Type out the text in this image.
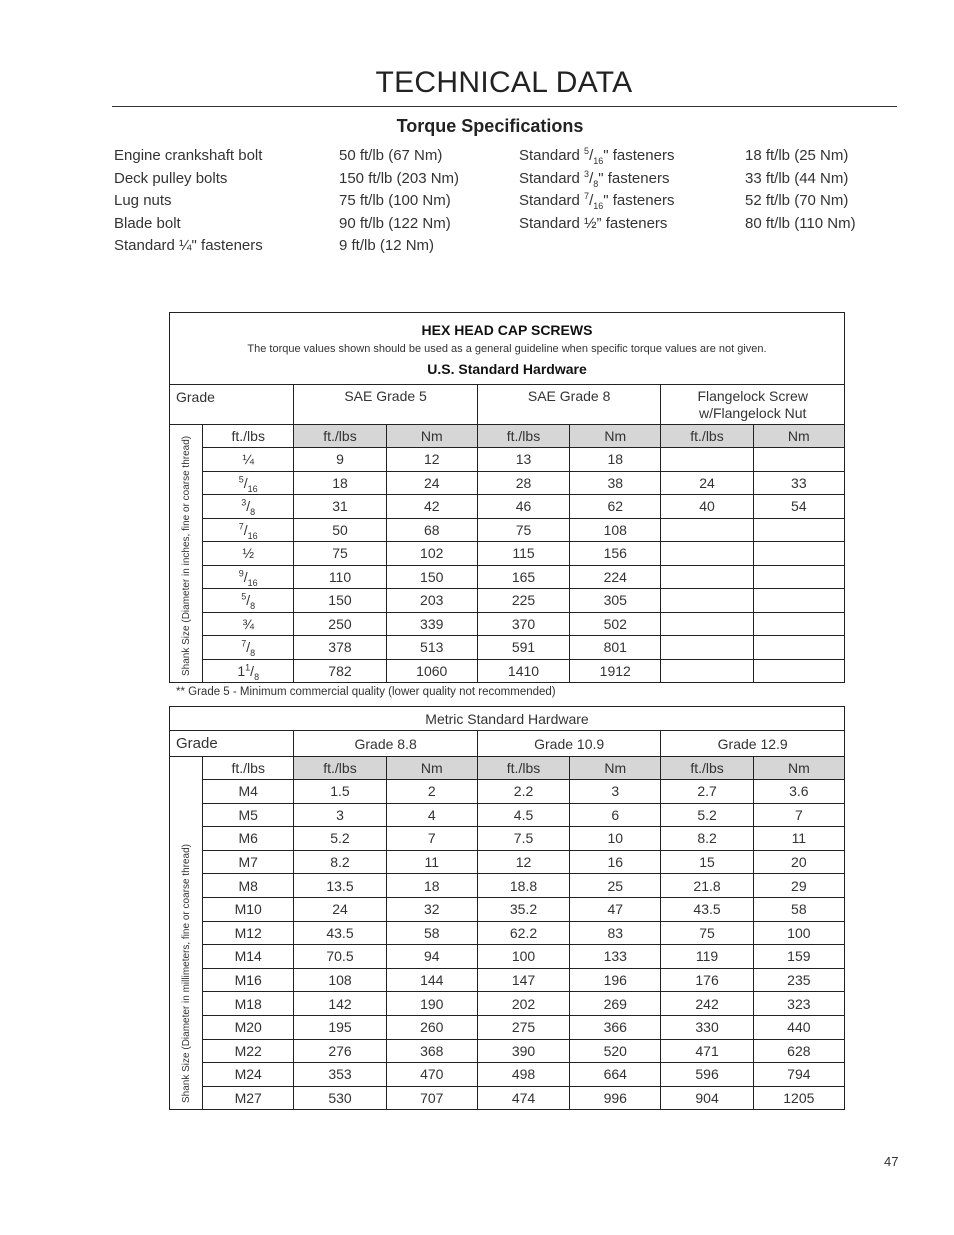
TECHNICAL DATA
Torque Specifications
Engine crankshaft bolt	50 ft/lb (67 Nm)
Deck pulley bolts	150 ft/lb (203 Nm)
Lug nuts	75 ft/lb (100 Nm)
Blade bolt	90 ft/lb (122 Nm)
Standard ¼" fasteners	9 ft/lb (12 Nm)
Standard $^5/_{16}$" fasteners	18 ft/lb (25 Nm)
Standard $^3/_8$" fasteners	33 ft/lb (44 Nm)
Standard $^7/_{16}$" fasteners	52 ft/lb (70 Nm)
Standard ½” fasteners	80 ft/lb (110 Nm)
HEX HEAD CAP SCREWS
The torque values shown should be used as a general guideline when specific torque values are not given.
U.S. Standard Hardware							

Grade		SAE Grade 5		SAE Grade 8		Flangelock Screw
w/Flangelock Nut	

Shank Size (Diameter in inches, fine or coarse thread)	ft./lbs	ft./lbs	Nm	ft./lbs	Nm	ft./lbs	Nm
	¼	9	12	13	18		
	$^5/_{16}$	18	24	28	38	24	33
	$^3/_8$	31	42	46	62	40	54
	$^7/_{16}$	50	68	75	108		
	½	75	102	115	156		
	$^9/_{16}$	110	150	165	224		
	$^5/_8$	150	203	225	305		
	¾	250	339	370	502		
	$^7/_8$	378	513	591	801		
	$1^1/_8$	782	1060	1410	1912		
** Grade 5 - Minimum commercial quality (lower quality not recommended)
Metric Standard Hardware							
Grade		Grade 8.8		Grade 10.9		Grade 12.9	

Shank Size (Diameter in millimeters, fine or coarse thread)	ft./lbs	ft./lbs	Nm	ft./lbs	Nm	ft./lbs	Nm
	M4	1.5	2	2.2	3	2.7	3.6
	M5	3	4	4.5	6	5.2	7
	M6	5.2	7	7.5	10	8.2	11
	M7	8.2	11	12	16	15	20
	M8	13.5	18	18.8	25	21.8	29
	M10	24	32	35.2	47	43.5	58
	M12	43.5	58	62.2	83	75	100
	M14	70.5	94	100	133	119	159
	M16	108	144	147	196	176	235
	M18	142	190	202	269	242	323
	M20	195	260	275	366	330	440
	M22	276	368	390	520	471	628
	M24	353	470	498	664	596	794
	M27	530	707	474	996	904	1205
47
